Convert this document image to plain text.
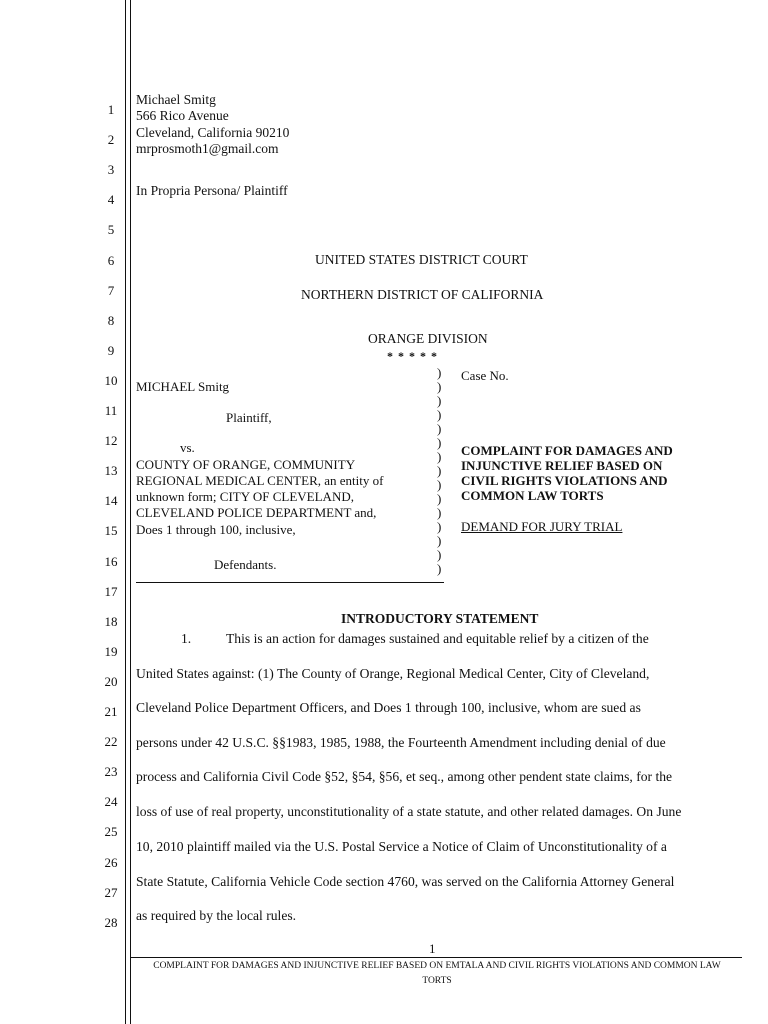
1
2
3
4
5
6
7
8
9
10
11
12
13
14
15
16
17
18
19
20
21
22
23
24
25
26
27
28
Michael Smitg
566 Rico Avenue
Cleveland, California 90210
mrprosmoth1@gmail.com
In Propria Persona/ Plaintiff
UNITED STATES DISTRICT COURT
NORTHERN DISTRICT OF CALIFORNIA
ORANGE DIVISION
* * * * *
MICHAEL Smitg
Plaintiff,
vs.
COUNTY OF ORANGE, COMMUNITY
REGIONAL MEDICAL CENTER, an entity of
unknown form; CITY OF CLEVELAND,
CLEVELAND POLICE DEPARTMENT and,
Does 1 through 100, inclusive,
Defendants.
)
)
)
)
)
)
)
)
)
)
)
)
)
)
)
Case No.
COMPLAINT FOR DAMAGES AND
INJUNCTIVE RELIEF BASED ON
CIVIL RIGHTS VIOLATIONS AND
COMMON LAW TORTS
DEMAND FOR JURY TRIAL
INTRODUCTORY STATEMENT
1.	This is an action for damages sustained and equitable relief by a citizen of the
United States against: (1) The County of Orange, Regional Medical Center, City of Cleveland,
Cleveland Police Department Officers, and Does 1 through 100, inclusive, whom are sued as
persons under 42 U.S.C. §§1983, 1985, 1988, the Fourteenth Amendment including denial of due
process and California Civil Code §52, §54, §56, et seq., among other pendent state claims, for the
loss of use of real property, unconstitutionality of a state statute, and other related damages. On June
10, 2010 plaintiff mailed via the U.S. Postal Service a Notice of Claim of Unconstitutionality of a
State Statute, California Vehicle Code section 4760, was served on the California Attorney General
as required by the local rules.
1
COMPLAINT FOR DAMAGES AND INJUNCTIVE RELIEF BASED ON EMTALA AND CIVIL RIGHTS VIOLATIONS AND COMMON LAW
TORTS
